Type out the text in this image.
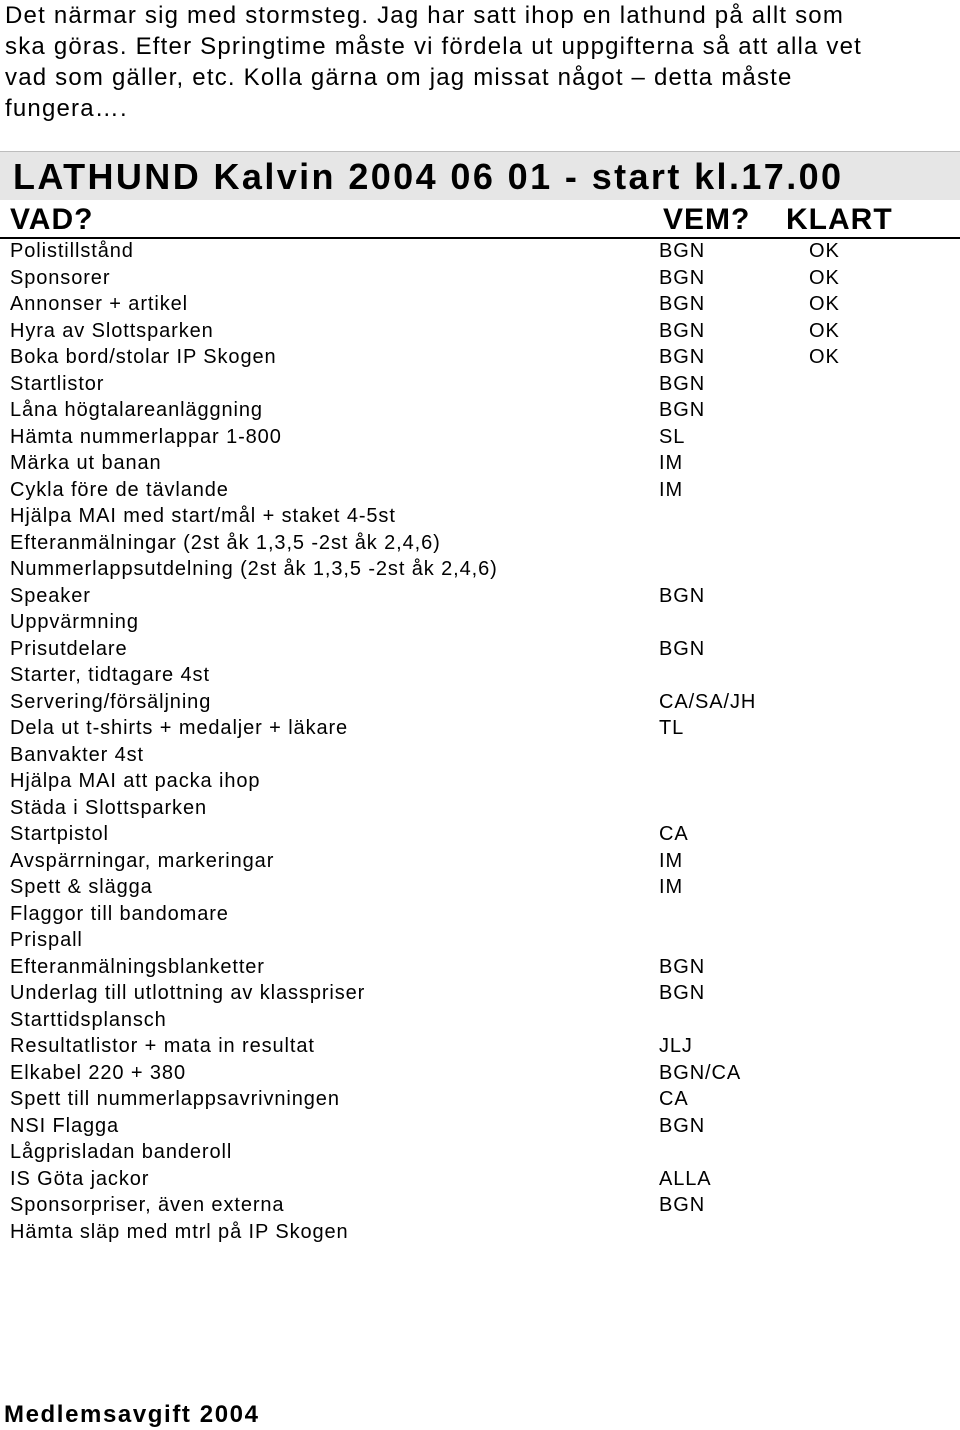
Det närmar sig med stormsteg. Jag har satt ihop en lathund på allt som
ska göras. Efter Springtime måste vi fördela ut uppgifterna så att alla vet
vad som gäller, etc. Kolla gärna om jag missat något – detta måste
fungera….
LATHUND Kalvin 2004 06 01 - start kl.17.00
VAD?	VEM? KLART
Polistillstånd	BGN	OK
Sponsorer	BGN	OK
Annonser + artikel	BGN	OK
Hyra av Slottsparken	BGN	OK
Boka bord/stolar IP Skogen	BGN	OK
Startlistor	BGN
Låna högtalareanläggning	BGN
Hämta nummerlappar 1-800	SL
Märka ut banan	IM
Cykla före de tävlande	IM
Hjälpa MAI med start/mål + staket 4-5st
Efteranmälningar (2st åk 1,3,5 -2st åk 2,4,6)
Nummerlappsutdelning (2st åk 1,3,5 -2st åk 2,4,6)
Speaker	BGN
Uppvärmning
Prisutdelare	BGN
Starter, tidtagare 4st
Servering/försäljning	CA/SA/JH
Dela ut t-shirts + medaljer + läkare	TL
Banvakter 4st
Hjälpa MAI att packa ihop
Städa i Slottsparken
Startpistol	CA
Avspärrningar, markeringar	IM
Spett & slägga	IM
Flaggor till bandomare
Prispall
Efteranmälningsblanketter	BGN
Underlag till utlottning av klasspriser	BGN
Starttidsplansch
Resultatlistor + mata in resultat	JLJ
Elkabel 220 + 380	BGN/CA
Spett till nummerlappsavrivningen	CA
NSI Flagga	BGN
Lågprisladan banderoll
IS Göta jackor	ALLA
Sponsorpriser, även externa	BGN
Hämta släp med mtrl på IP Skogen
Medlemsavgift 2004
